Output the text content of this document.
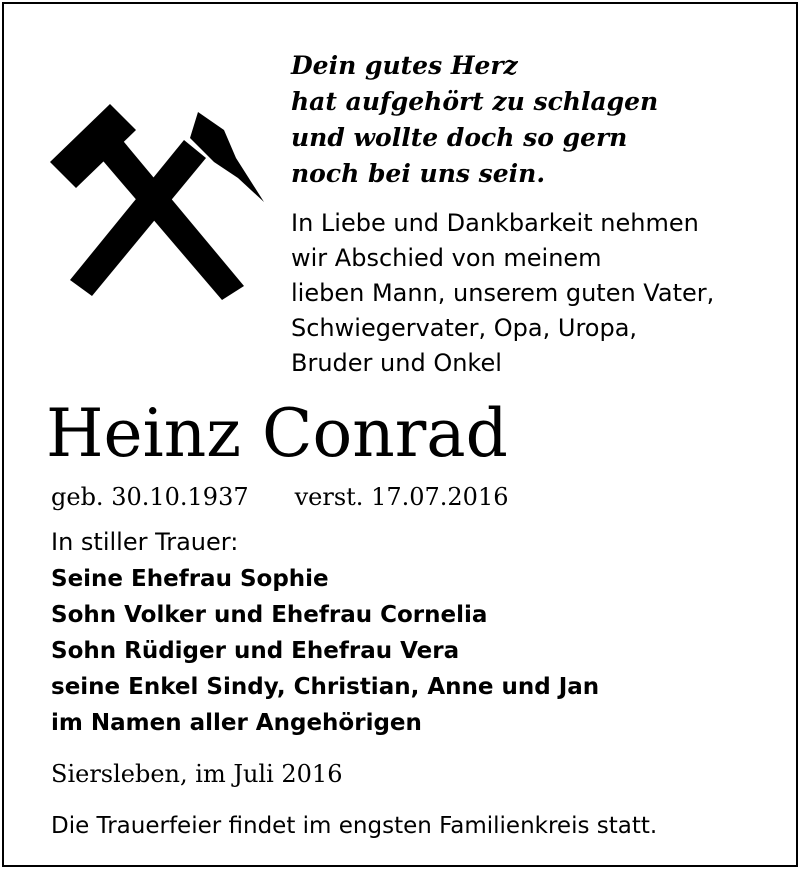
Dein gutes Herz
hat aufgehört zu schlagen
und wollte doch so gern
noch bei uns sein.
In Liebe und Dankbarkeit nehmen
wir Abschied von meinem
lieben Mann, unserem guten Vater,
Schwiegervater, Opa, Uropa,
Bruder und Onkel
Heinz Conrad
geb. 30.10.1937 verst. 17.07.2016
In stiller Trauer:
Seine Ehefrau Sophie
Sohn Volker und Ehefrau Cornelia
Sohn Rüdiger und Ehefrau Vera
seine Enkel Sindy, Christian, Anne und Jan
im Namen aller Angehörigen
Siersleben, im Juli 2016
Die Trauerfeier findet im engsten Familienkreis statt.
